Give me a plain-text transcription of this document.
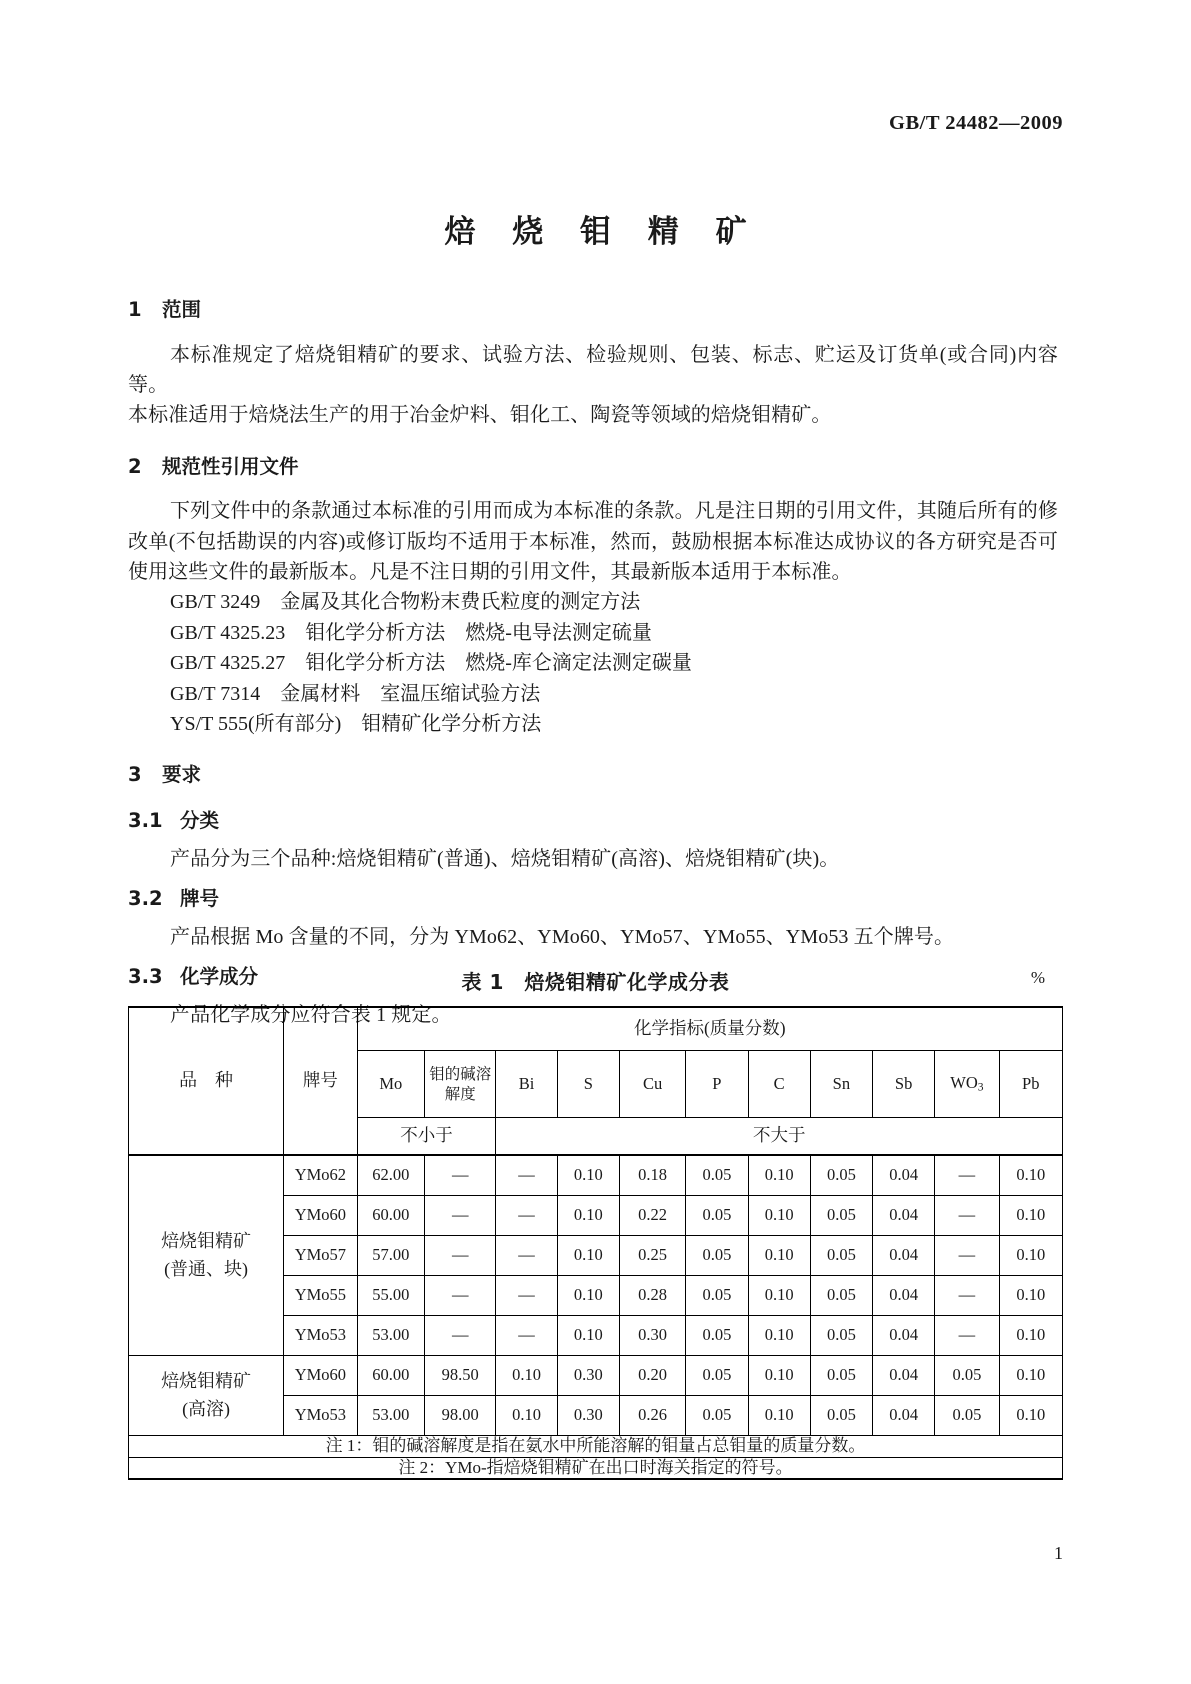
GB/T 24482—2009
焙 烧 钼 精 矿
1 范围

本标准规定了焙烧钼精矿的要求、试验方法、检验规则、包装、标志、贮运及订货单(或合同)内容等。

本标准适用于焙烧法生产的用于冶金炉料、钼化工、陶瓷等领域的焙烧钼精矿。

2 规范性引用文件

下列文件中的条款通过本标准的引用而成为本标准的条款。凡是注日期的引用文件，其随后所有的修改单(不包括勘误的内容)或修订版均不适用于本标准，然而，鼓励根据本标准达成协议的各方研究是否可使用这些文件的最新版本。凡是不注日期的引用文件，其最新版本适用于本标准。

GB/T 3249　金属及其化合物粉末费氏粒度的测定方法

GB/T 4325.23　钼化学分析方法　燃烧-电导法测定硫量

GB/T 4325.27　钼化学分析方法　燃烧-库仑滴定法测定碳量

GB/T 7314　金属材料　室温压缩试验方法

YS/T 555(所有部分)　钼精矿化学分析方法

3 要求
3.1 分类

产品分为三个品种:焙烧钼精矿(普通)、焙烧钼精矿(高溶)、焙烧钼精矿(块)。

3.2 牌号

产品根据 Mo 含量的不同，分为 YMo62、YMo60、YMo57、YMo55、YMo53 五个牌号。

3.3 化学成分

产品化学成分应符合表 1 规定。

表 1　焙烧钼精矿化学成分表	%
品　种	牌号	化学指标(质量分数)										
		Mo	钼的碱溶解度	Bi	S	Cu	P	C	Sn	Sb	$WO_3$	Pb
		不小于		不大于								

焙烧钼精矿
(普通、块)	YMo62	62.00	—	—	0.10	0.18	0.05	0.10	0.05	0.04	—	0.10
	YMo60	60.00	—	—	0.10	0.22	0.05	0.10	0.05	0.04	—	0.10
	YMo57	57.00	—	—	0.10	0.25	0.05	0.10	0.05	0.04	—	0.10
	YMo55	55.00	—	—	0.10	0.28	0.05	0.10	0.05	0.04	—	0.10
	YMo53	53.00	—	—	0.10	0.30	0.05	0.10	0.05	0.04	—	0.10

焙烧钼精矿
(高溶)	YMo60	60.00	98.50	0.10	0.30	0.20	0.05	0.10	0.05	0.04	0.05	0.10
	YMo53	53.00	98.00	0.10	0.30	0.26	0.05	0.10	0.05	0.04	0.05	0.10
注 1：钼的碱溶解度是指在氨水中所能溶解的钼量占总钼量的质量分数。												
注 2：YMo-指焙烧钼精矿在出口时海关指定的符号。												
1
